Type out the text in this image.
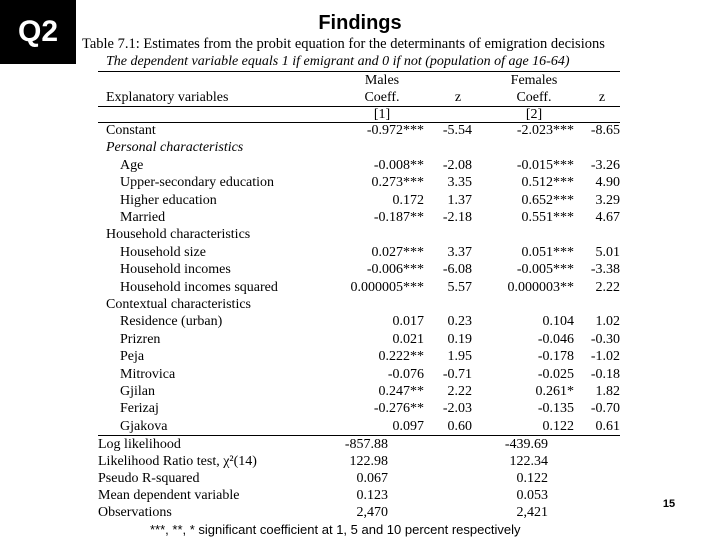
Q2	Findings
Table 7.1: Estimates from the probit equation for the determinants of emigration decisions
The dependent variable equals 1 if emigrant and 0 if not (population of age 16-64)
Males	Females
Explanatory variables	Coeff.	z	Coeff.	z
[1]	[2]
Constant	-0.972***	-5.54	-2.023***	-8.65
Personal characteristics
Age	-0.008**	-2.08	-0.015***	-3.26
Upper-secondary education	0.273***	3.35	0.512***	4.90
Higher education	0.172	1.37	0.652***	3.29
Married	-0.187**	-2.18	0.551***	4.67
Household characteristics
Household size	0.027***	3.37	0.051***	5.01
Household incomes	-0.006***	-6.08	-0.005***	-3.38
Household incomes squared	0.000005***	5.57	0.000003**	2.22
Contextual characteristics
Residence (urban)	0.017	0.23	0.104	1.02
Prizren	0.021	0.19	-0.046	-0.30
Peja	0.222**	1.95	-0.178	-1.02
Mitrovica	-0.076	-0.71	-0.025	-0.18
Gjilan	0.247**	2.22	0.261*	1.82
Ferizaj	-0.276**	-2.03	-0.135	-0.70
Gjakova	0.097	0.60	0.122	0.61
Log likelihood	-857.88	-439.69
Likelihood Ratio test, χ²(14)	122.98	122.34
Pseudo R-squared	0.067	0.122
Mean dependent variable	0.123	0.053
Observations	2,470	2,421
***, **, * significant coefficient at 1, 5 and 10 percent respectively
15
